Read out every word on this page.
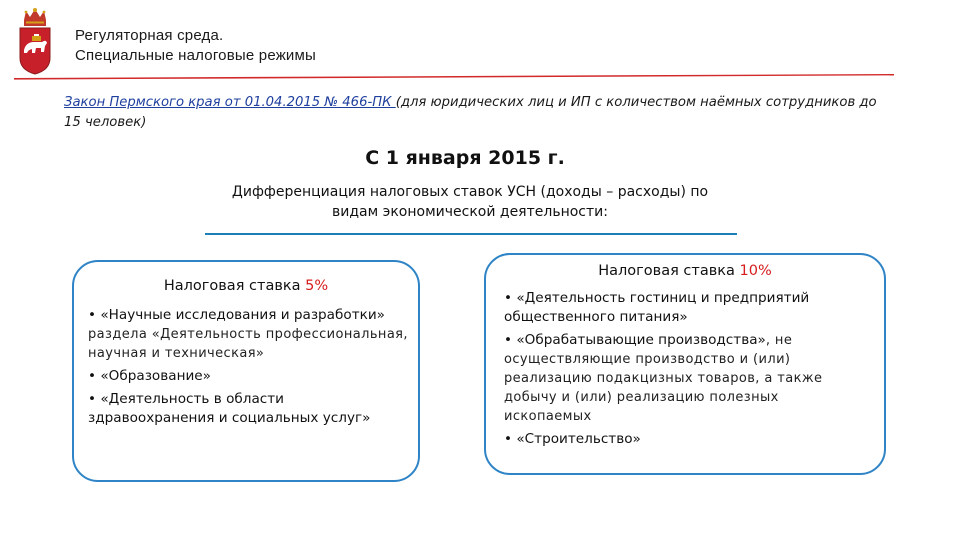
Регуляторная среда.
Специальные налоговые режимы
Закон Пермского края от 01.04.2015 № 466-ПК (для юридических лиц и ИП с количеством наёмных сотрудников до 15 человек)
С 1 января 2015 г.
Дифференциация налоговых ставок УСН (доходы – расходы) по
видам экономической деятельности:
Налоговая ставка 5%
• «Научные исследования и разработки» раздела «Деятельность профессиональная, научная и техническая»
• «Образование»
• «Деятельность в области здравоохранения и социальных услуг»
Налоговая ставка 10%
• «Деятельность гостиниц и предприятий общественного питания»
• «Обрабатывающие производства», не осуществляющие производство и (или) реализацию подакцизных товаров, а также добычу и (или) реализацию полезных ископаемых
• «Строительство»
